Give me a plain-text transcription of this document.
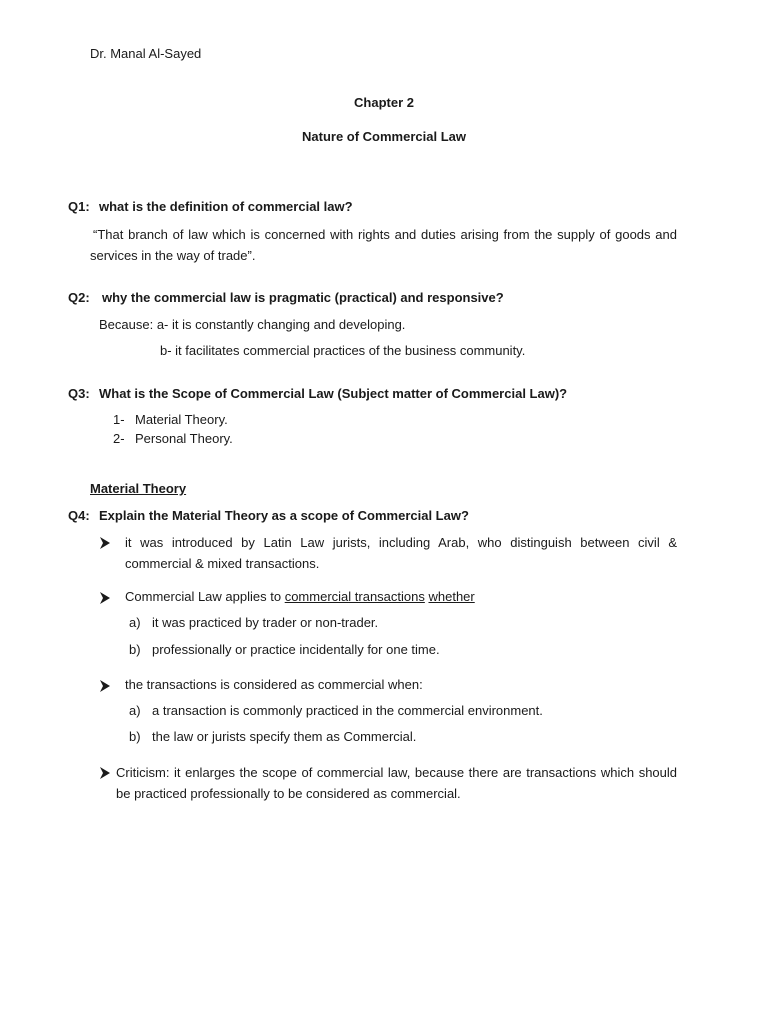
Dr. Manal Al-Sayed
Chapter 2
Nature of Commercial Law
Q1: what is the definition of commercial law?
“That branch of law which is concerned with rights and duties arising from the supply of goods and services in the way of trade”.
Q2: why the commercial law is pragmatic (practical) and responsive?
Because: a- it is constantly changing and developing.
b- it facilitates commercial practices of the business community.
Q3: What is the Scope of Commercial Law (Subject matter of Commercial Law)?
1- Material Theory.
2- Personal Theory.
Material Theory
Q4: Explain the Material Theory as a scope of Commercial Law?
it was introduced by Latin Law jurists, including Arab, who distinguish between civil & commercial & mixed transactions.
Commercial Law applies to commercial transactions whether
a) it was practiced by trader or non-trader.
b) professionally or practice incidentally for one time.
the transactions is considered as commercial when:
a) a transaction is commonly practiced in the commercial environment.
b) the law or jurists specify them as Commercial.
Criticism: it enlarges the scope of commercial law, because there are transactions which should be practiced professionally to be considered as commercial.
